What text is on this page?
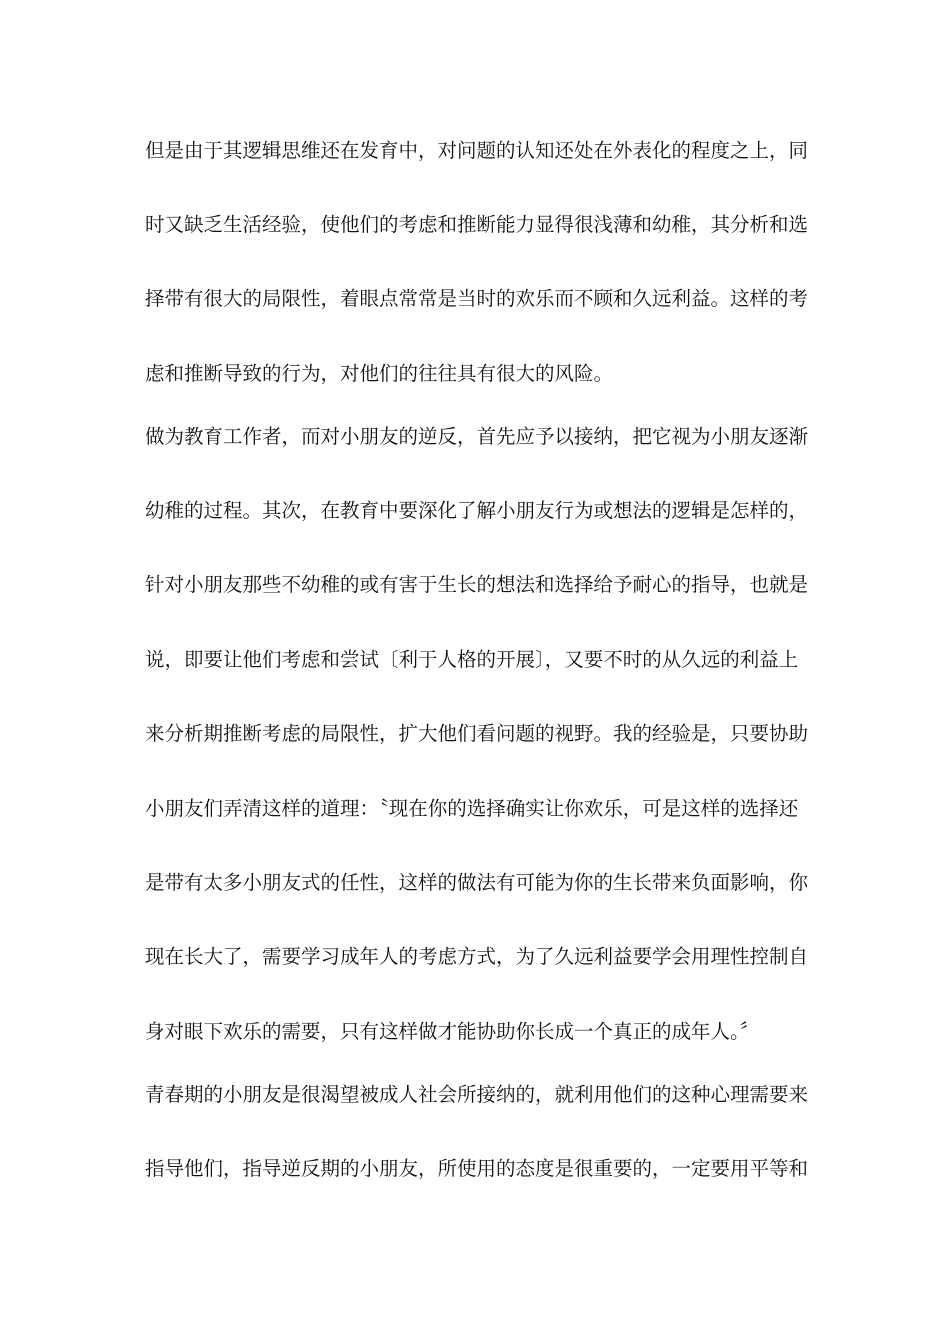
但是由于其逻辑思维还在发育中，对问题的认知还处在外表化的程度之上，同
时又缺乏生活经验，使他们的考虑和推断能力显得很浅薄和幼稚，其分析和选
择带有很大的局限性，着眼点常常是当时的欢乐而不顾和久远利益。这样的考
虑和推断导致的行为，对他们的往往具有很大的风险。
做为教育工作者，而对小朋友的逆反，首先应予以接纳，把它视为小朋友逐渐
幼稚的过程。其次，在教育中要深化了解小朋友行为或想法的逻辑是怎样的，
针对小朋友那些不幼稚的或有害于生长的想法和选择给予耐心的指导，也就是
说，即要让他们考虑和尝试〔利于人格的开展〕，又要不时的从久远的利益上
来分析期推断考虑的局限性，扩大他们看问题的视野。我的经验是，只要协助
小朋友们弄清这样的道理：〝现在你的选择确实让你欢乐，可是这样的选择还
是带有太多小朋友式的任性，这样的做法有可能为你的生长带来负面影响，你
现在长大了，需要学习成年人的考虑方式，为了久远利益要学会用理性控制自
身对眼下欢乐的需要，只有这样做才能协助你长成一个真正的成年人。〞
青春期的小朋友是很渴望被成人社会所接纳的，就利用他们的这种心理需要来
指导他们，指导逆反期的小朋友，所使用的态度是很重要的，一定要用平等和
